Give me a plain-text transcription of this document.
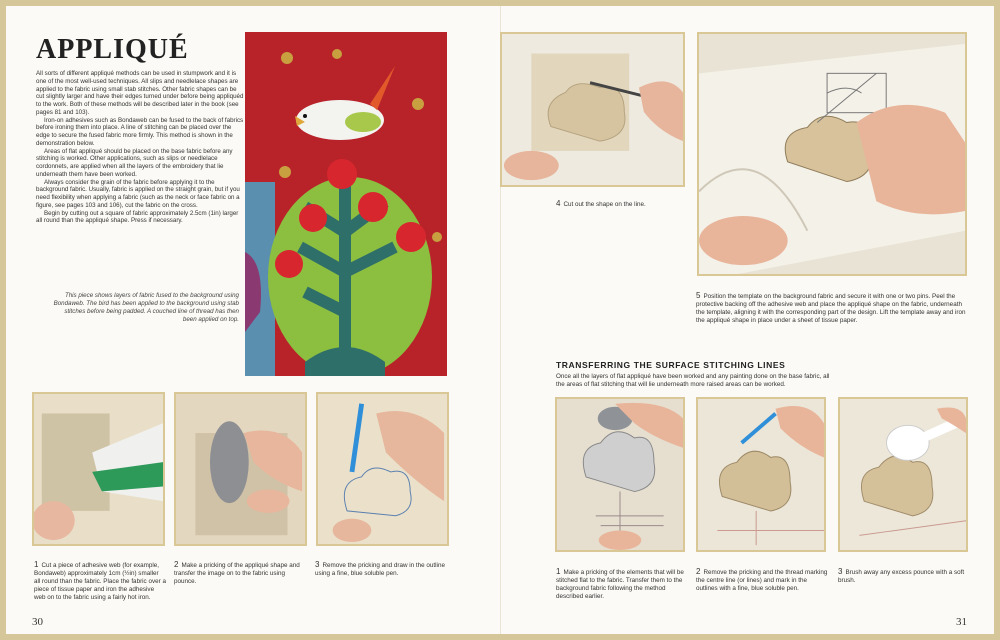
APPLIQUÉ

All sorts of different appliqué methods can be used in stumpwork and it is one of the most well-used techniques. All slips and needlelace shapes are applied to the fabric using small stab stitches. Other fabric shapes can be cut slightly larger and have their edges turned under before being appliquéd to the work. Both of these methods will be described later in the book (see pages 81 and 103).

Iron-on adhesives such as Bondaweb can be fused to the back of fabrics before ironing them into place. A line of stitching can be placed over the edge to secure the fused fabric more firmly. This method is shown in the demonstration below.

Areas of flat appliqué should be placed on the base fabric before any stitching is worked. Other applications, such as slips or needlelace cordonnets, are applied when all the layers of the embroidery that lie underneath them have been worked.

Always consider the grain of the fabric before applying it to the background fabric. Usually, fabric is applied on the straight grain, but if you need flexibility when applying a fabric (such as the neck or face fabric on a figure, see pages 103 and 106), cut the fabric on the cross.

Begin by cutting out a square of fabric approximately 2.5cm (1in) larger all round than the appliqué shape. Press if necessary.

This piece shows layers of fabric fused to the background using Bondaweb. The bird has been applied to the background using stab stitches before being padded. A couched line of thread has then been applied on top.

1 Cut a piece of adhesive web (for example, Bondaweb) approximately 1cm (½in) smaller all round than the fabric. Place the fabric over a piece of tissue paper and iron the adhesive web on to the fabric using a fairly hot iron.
2 Make a pricking of the appliqué shape and transfer the image on to the fabric using pounce.
3 Remove the pricking and draw in the outline using a fine, blue soluble pen.
30
4 Cut out the shape on the line.
5 Position the template on the background fabric and secure it with one or two pins. Peel the protective backing off the adhesive web and place the appliqué shape on the fabric, underneath the template, aligning it with the corresponding part of the design. Lift the template away and iron the appliqué shape in place under a sheet of tissue paper.
TRANSFERRING THE SURFACE STITCHING LINES

Once all the layers of flat appliqué have been worked and any painting done on the base fabric, all the areas of flat stitching that will lie underneath more raised areas can be worked.

1 Make a pricking of the elements that will be stitched flat to the fabric. Transfer them to the background fabric following the method described earlier.
2 Remove the pricking and the thread marking the centre line (or lines) and mark in the outlines with a fine, blue soluble pen.
3 Brush away any excess pounce with a soft brush.
31
